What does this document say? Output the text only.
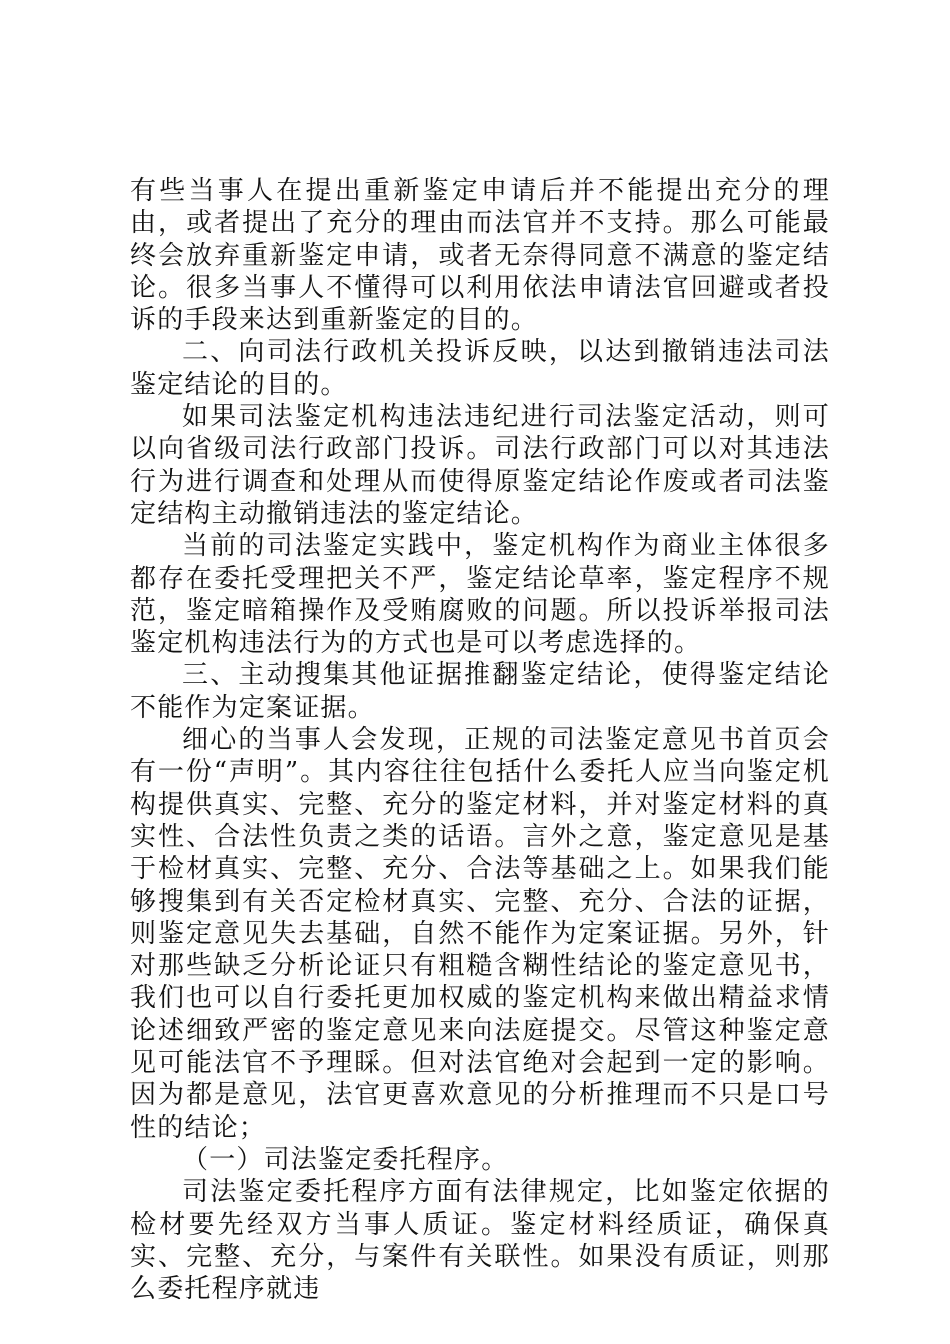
有些当事人在提出重新鉴定申请后并不能提出充分的理由，或者提出了充分的理由而法官并不支持。那么可能最终会放弃重新鉴定申请，或者无奈得同意不满意的鉴定结论。很多当事人不懂得可以利用依法申请法官回避或者投诉的手段来达到重新鉴定的目的。

二、向司法行政机关投诉反映，以达到撤销违法司法鉴定结论的目的。

如果司法鉴定机构违法违纪进行司法鉴定活动，则可以向省级司法行政部门投诉。司法行政部门可以对其违法行为进行调查和处理从而使得原鉴定结论作废或者司法鉴定结构主动撤销违法的鉴定结论。

当前的司法鉴定实践中，鉴定机构作为商业主体很多都存在委托受理把关不严，鉴定结论草率，鉴定程序不规范，鉴定暗箱操作及受贿腐败的问题。所以投诉举报司法鉴定机构违法行为的方式也是可以考虑选择的。

三、主动搜集其他证据推翻鉴定结论，使得鉴定结论不能作为定案证据。

细心的当事人会发现，正规的司法鉴定意见书首页会有一份“声明”。其内容往往包括什么委托人应当向鉴定机构提供真实、完整、充分的鉴定材料，并对鉴定材料的真实性、合法性负责之类的话语。言外之意，鉴定意见是基于检材真实、完整、充分、合法等基础之上。如果我们能够搜集到有关否定检材真实、完整、充分、合法的证据，则鉴定意见失去基础，自然不能作为定案证据。另外，针对那些缺乏分析论证只有粗糙含糊性结论的鉴定意见书，我们也可以自行委托更加权威的鉴定机构来做出精益求情论述细致严密的鉴定意见来向法庭提交。尽管这种鉴定意见可能法官不予理睬。但对法官绝对会起到一定的影响。因为都是意见，法官更喜欢意见的分析推理而不只是口号性的结论；

（一）司法鉴定委托程序。

司法鉴定委托程序方面有法律规定，比如鉴定依据的检材要先经双方当事人质证。鉴定材料经质证，确保真实、完整、充分，与案件有关联性。如果没有质证，则那么委托程序就违
